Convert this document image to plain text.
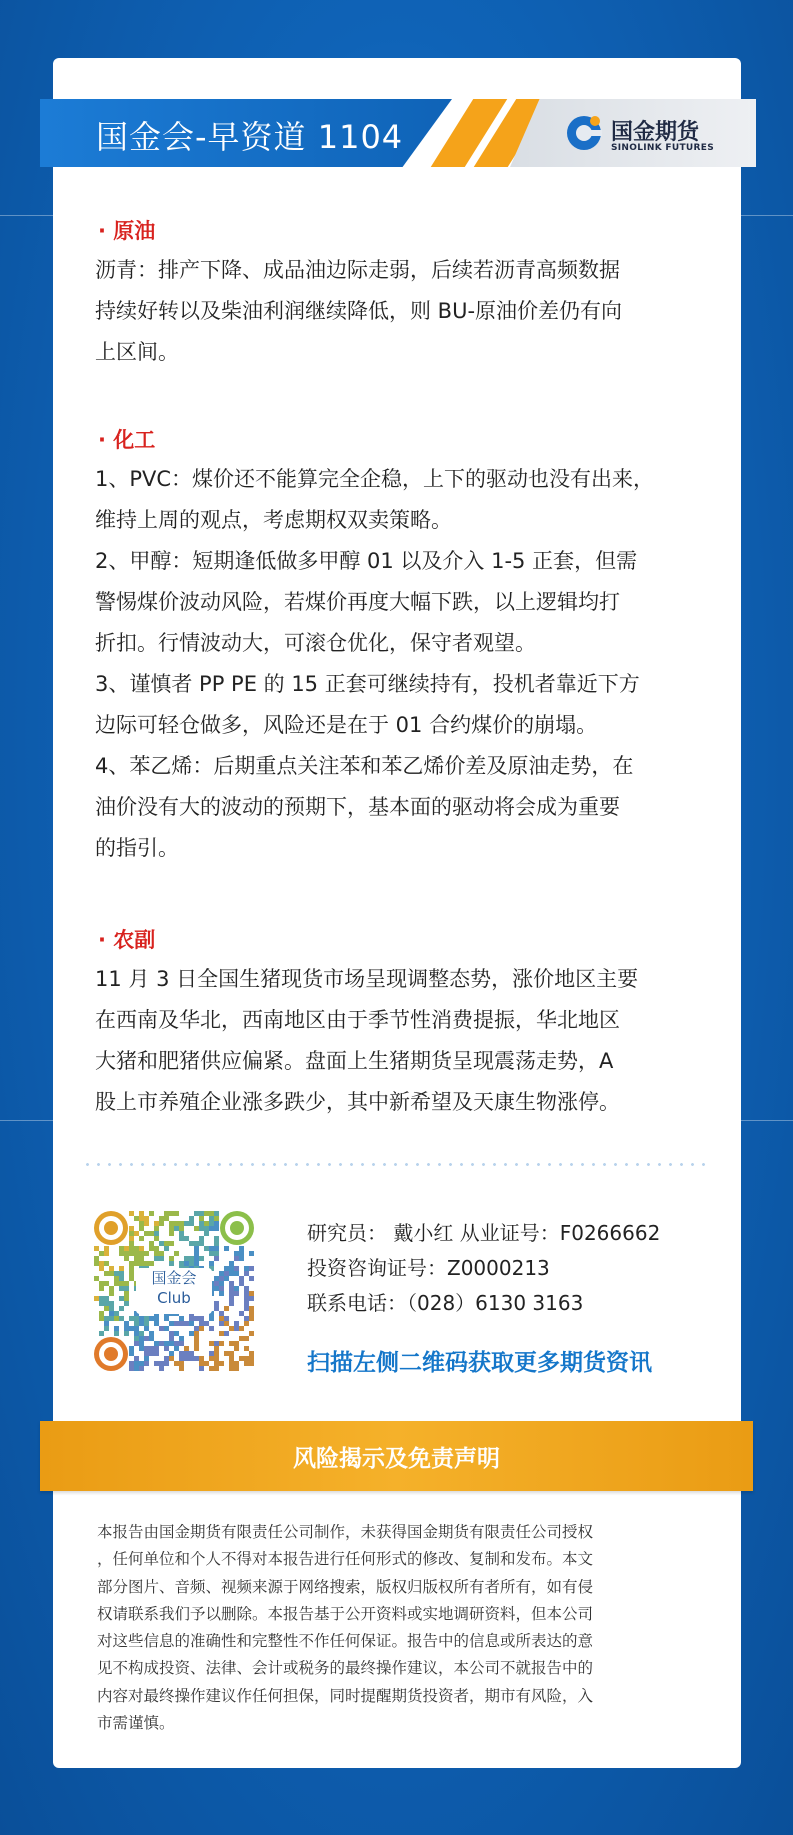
国金会-早资道 1104	国金期货
SINOLINK FUTURES
· 原油

沥青：排产下降、成品油边际走弱，后续若沥青高频数据

持续好转以及柴油利润继续降低，则 BU-原油价差仍有向

上区间。

· 化工

1、PVC：煤价还不能算完全企稳，上下的驱动也没有出来，

维持上周的观点，考虑期权双卖策略。

2、甲醇：短期逢低做多甲醇 01 以及介入 1-5 正套，但需

警惕煤价波动风险，若煤价再度大幅下跌，以上逻辑均打

折扣。行情波动大，可滚仓优化，保守者观望。

3、谨慎者 PP PE 的 15 正套可继续持有，投机者靠近下方

边际可轻仓做多，风险还是在于 01 合约煤价的崩塌。

4、苯乙烯：后期重点关注苯和苯乙烯价差及原油走势，在

油价没有大的波动的预期下，基本面的驱动将会成为重要

的指引。

· 农副

11 月 3 日全国生猪现货市场呈现调整态势，涨价地区主要

在西南及华北，西南地区由于季节性消费提振，华北地区

大猪和肥猪供应偏紧。盘面上生猪期货呈现震荡走势，A

股上市养殖企业涨多跌少，其中新希望及天康生物涨停。

国金会
Club
研究员： 戴小红 从业证号：F0266662
投资咨询证号：Z0000213
联系电话：（028）6130 3163
扫描左侧二维码获取更多期货资讯
风险揭示及免责声明
本报告由国金期货有限责任公司制作，未获得国金期货有限责任公司授权
，任何单位和个人不得对本报告进行任何形式的修改、复制和发布。本文
部分图片、音频、视频来源于网络搜索，版权归版权所有者所有，如有侵
权请联系我们予以删除。本报告基于公开资料或实地调研资料，但本公司
对这些信息的准确性和完整性不作任何保证。报告中的信息或所表达的意
见不构成投资、法律、会计或税务的最终操作建议，本公司不就报告中的
内容对最终操作建议作任何担保，同时提醒期货投资者，期市有风险，入
市需谨慎。
